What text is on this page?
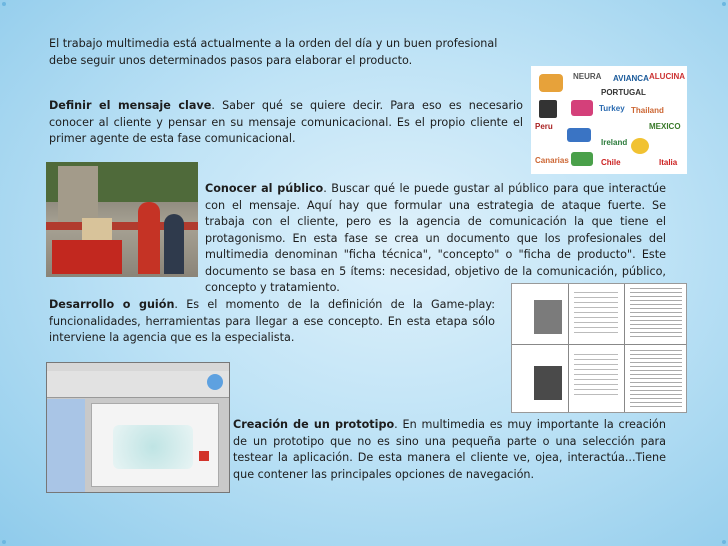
El trabajo multimedia está actualmente a la orden del día y un buen profesional
debe seguir unos determinados pasos para elaborar el producto.
Definir el mensaje clave. Saber qué se quiere decir. Para eso es necesario conocer al cliente y pensar en su mensaje comunicacional. Es el propio cliente el primer agente de esta fase comunicacional.
NEURA AVIANCA ALUCINA
PORTUGAL
Turkey Thailand
Ireland
Chile	Italia
MEXICO
Canarias
Peru
Conocer al público. Buscar qué le puede gustar al público para que interactúe con el mensaje. Aquí hay que formular una estrategia de ataque fuerte. Se trabaja con el cliente, pero es la agencia de comunicación la que tiene el protagonismo. En esta fase se crea un documento que los profesionales del multimedia denominan "ficha técnica", "concepto" o "ficha de producto". Este documento se basa en 5 ítems: necesidad, objetivo de la comunicación, público, concepto y tratamiento.
Desarrollo o guión. Es el momento de la definición de la Game-play: funcionalidades, herramientas para llegar a ese concepto. En esta etapa sólo interviene la agencia que es la especialista.
Creación de un prototipo. En multimedia es muy importante la creación de un prototipo que no es sino una pequeña parte o una selección para testear la aplicación. De esta manera el cliente ve, ojea, interactúa...Tiene que contener las principales opciones de navegación.
